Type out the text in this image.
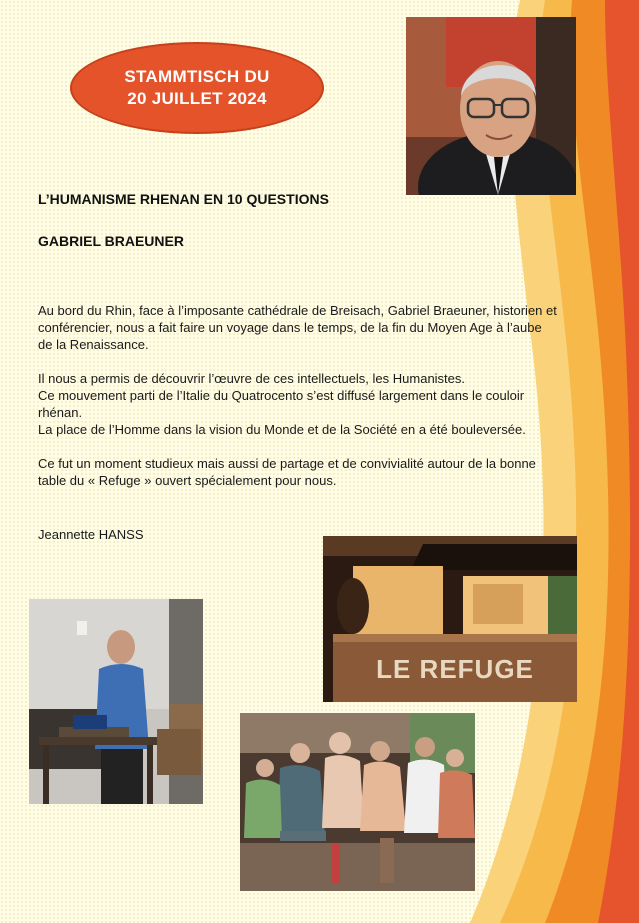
STAMMTISCH DU
20 JUILLET 2024
L’HUMANISME RHENAN EN 10 QUESTIONS
GABRIEL BRAEUNER

Au bord du Rhin, face à l’imposante cathédrale de Breisach, Gabriel Braeuner, historien et conférencier, nous a fait faire un voyage dans le temps, de la fin du Moyen Age à l’aube de la Renaissance.

Il nous a permis de découvrir l’œuvre de ces intellectuels, les Humanistes.

Ce mouvement parti de l’Italie du Quatrocento s’est diffusé largement dans le couloir rhénan.

La place de l’Homme dans la vision du Monde et de la Société en a été bouleversée.

Ce fut un moment studieux mais aussi de partage et de convivialité autour de la bonne table du « Refuge » ouvert spécialement pour nous.

Jeannette HANSS
LE REFUGE
